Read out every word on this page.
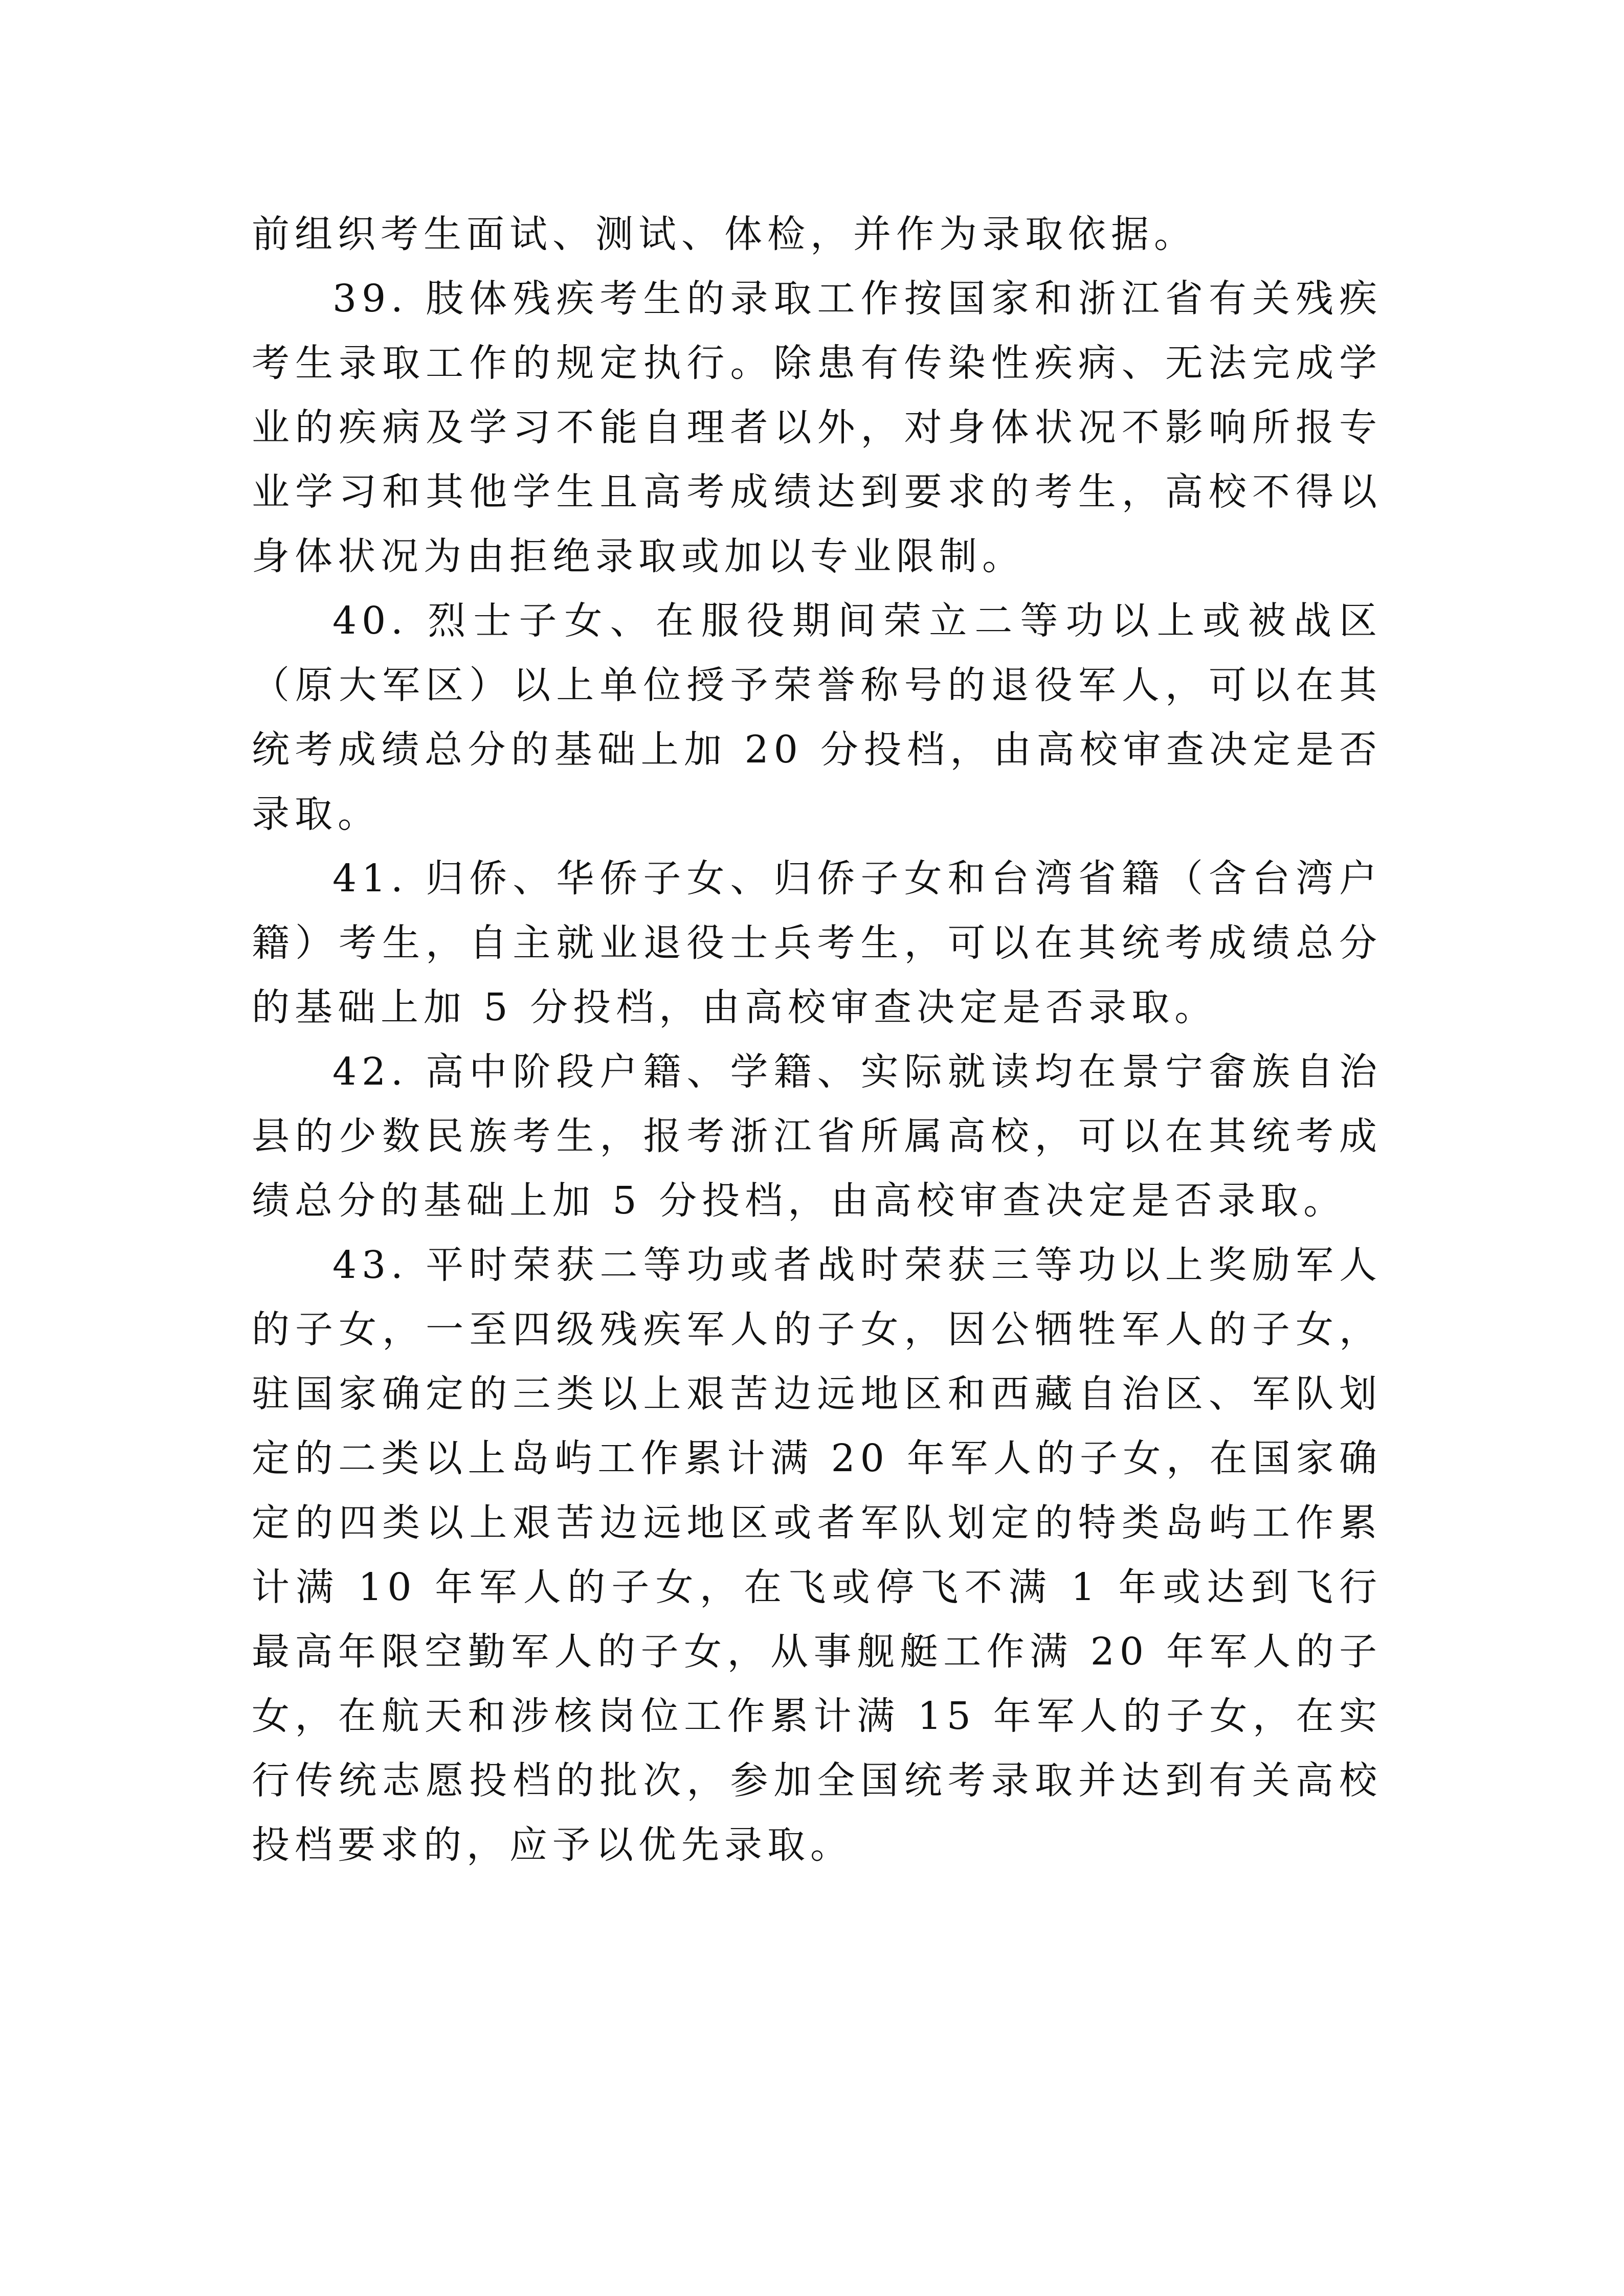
前组织考生面试、测试、体检，并作为录取依据。

39. 肢体残疾考生的录取工作按国家和浙江省有关残疾考生录取工作的规定执行。除患有传染性疾病、无法完成学业的疾病及学习不能自理者以外，对身体状况不影响所报专业学习和其他学生且高考成绩达到要求的考生，高校不得以身体状况为由拒绝录取或加以专业限制。

40. 烈士子女、在服役期间荣立二等功以上或被战区（原大军区）以上单位授予荣誉称号的退役军人，可以在其统考成绩总分的基础上加 20 分投档，由高校审查决定是否录取。

41. 归侨、华侨子女、归侨子女和台湾省籍（含台湾户籍）考生，自主就业退役士兵考生，可以在其统考成绩总分的基础上加 5 分投档，由高校审查决定是否录取。

42. 高中阶段户籍、学籍、实际就读均在景宁畲族自治县的少数民族考生，报考浙江省所属高校，可以在其统考成绩总分的基础上加 5 分投档，由高校审查决定是否录取。

43. 平时荣获二等功或者战时荣获三等功以上奖励军人的子女，一至四级残疾军人的子女，因公牺牲军人的子女，驻国家确定的三类以上艰苦边远地区和西藏自治区、军队划定的二类以上岛屿工作累计满 20 年军人的子女，在国家确定的四类以上艰苦边远地区或者军队划定的特类岛屿工作累计满 10 年军人的子女，在飞或停飞不满 1 年或达到飞行最高年限空勤军人的子女，从事舰艇工作满 20 年军人的子女，在航天和涉核岗位工作累计满 15 年军人的子女，在实行传统志愿投档的批次，参加全国统考录取并达到有关高校投档要求的，应予以优先录取。
